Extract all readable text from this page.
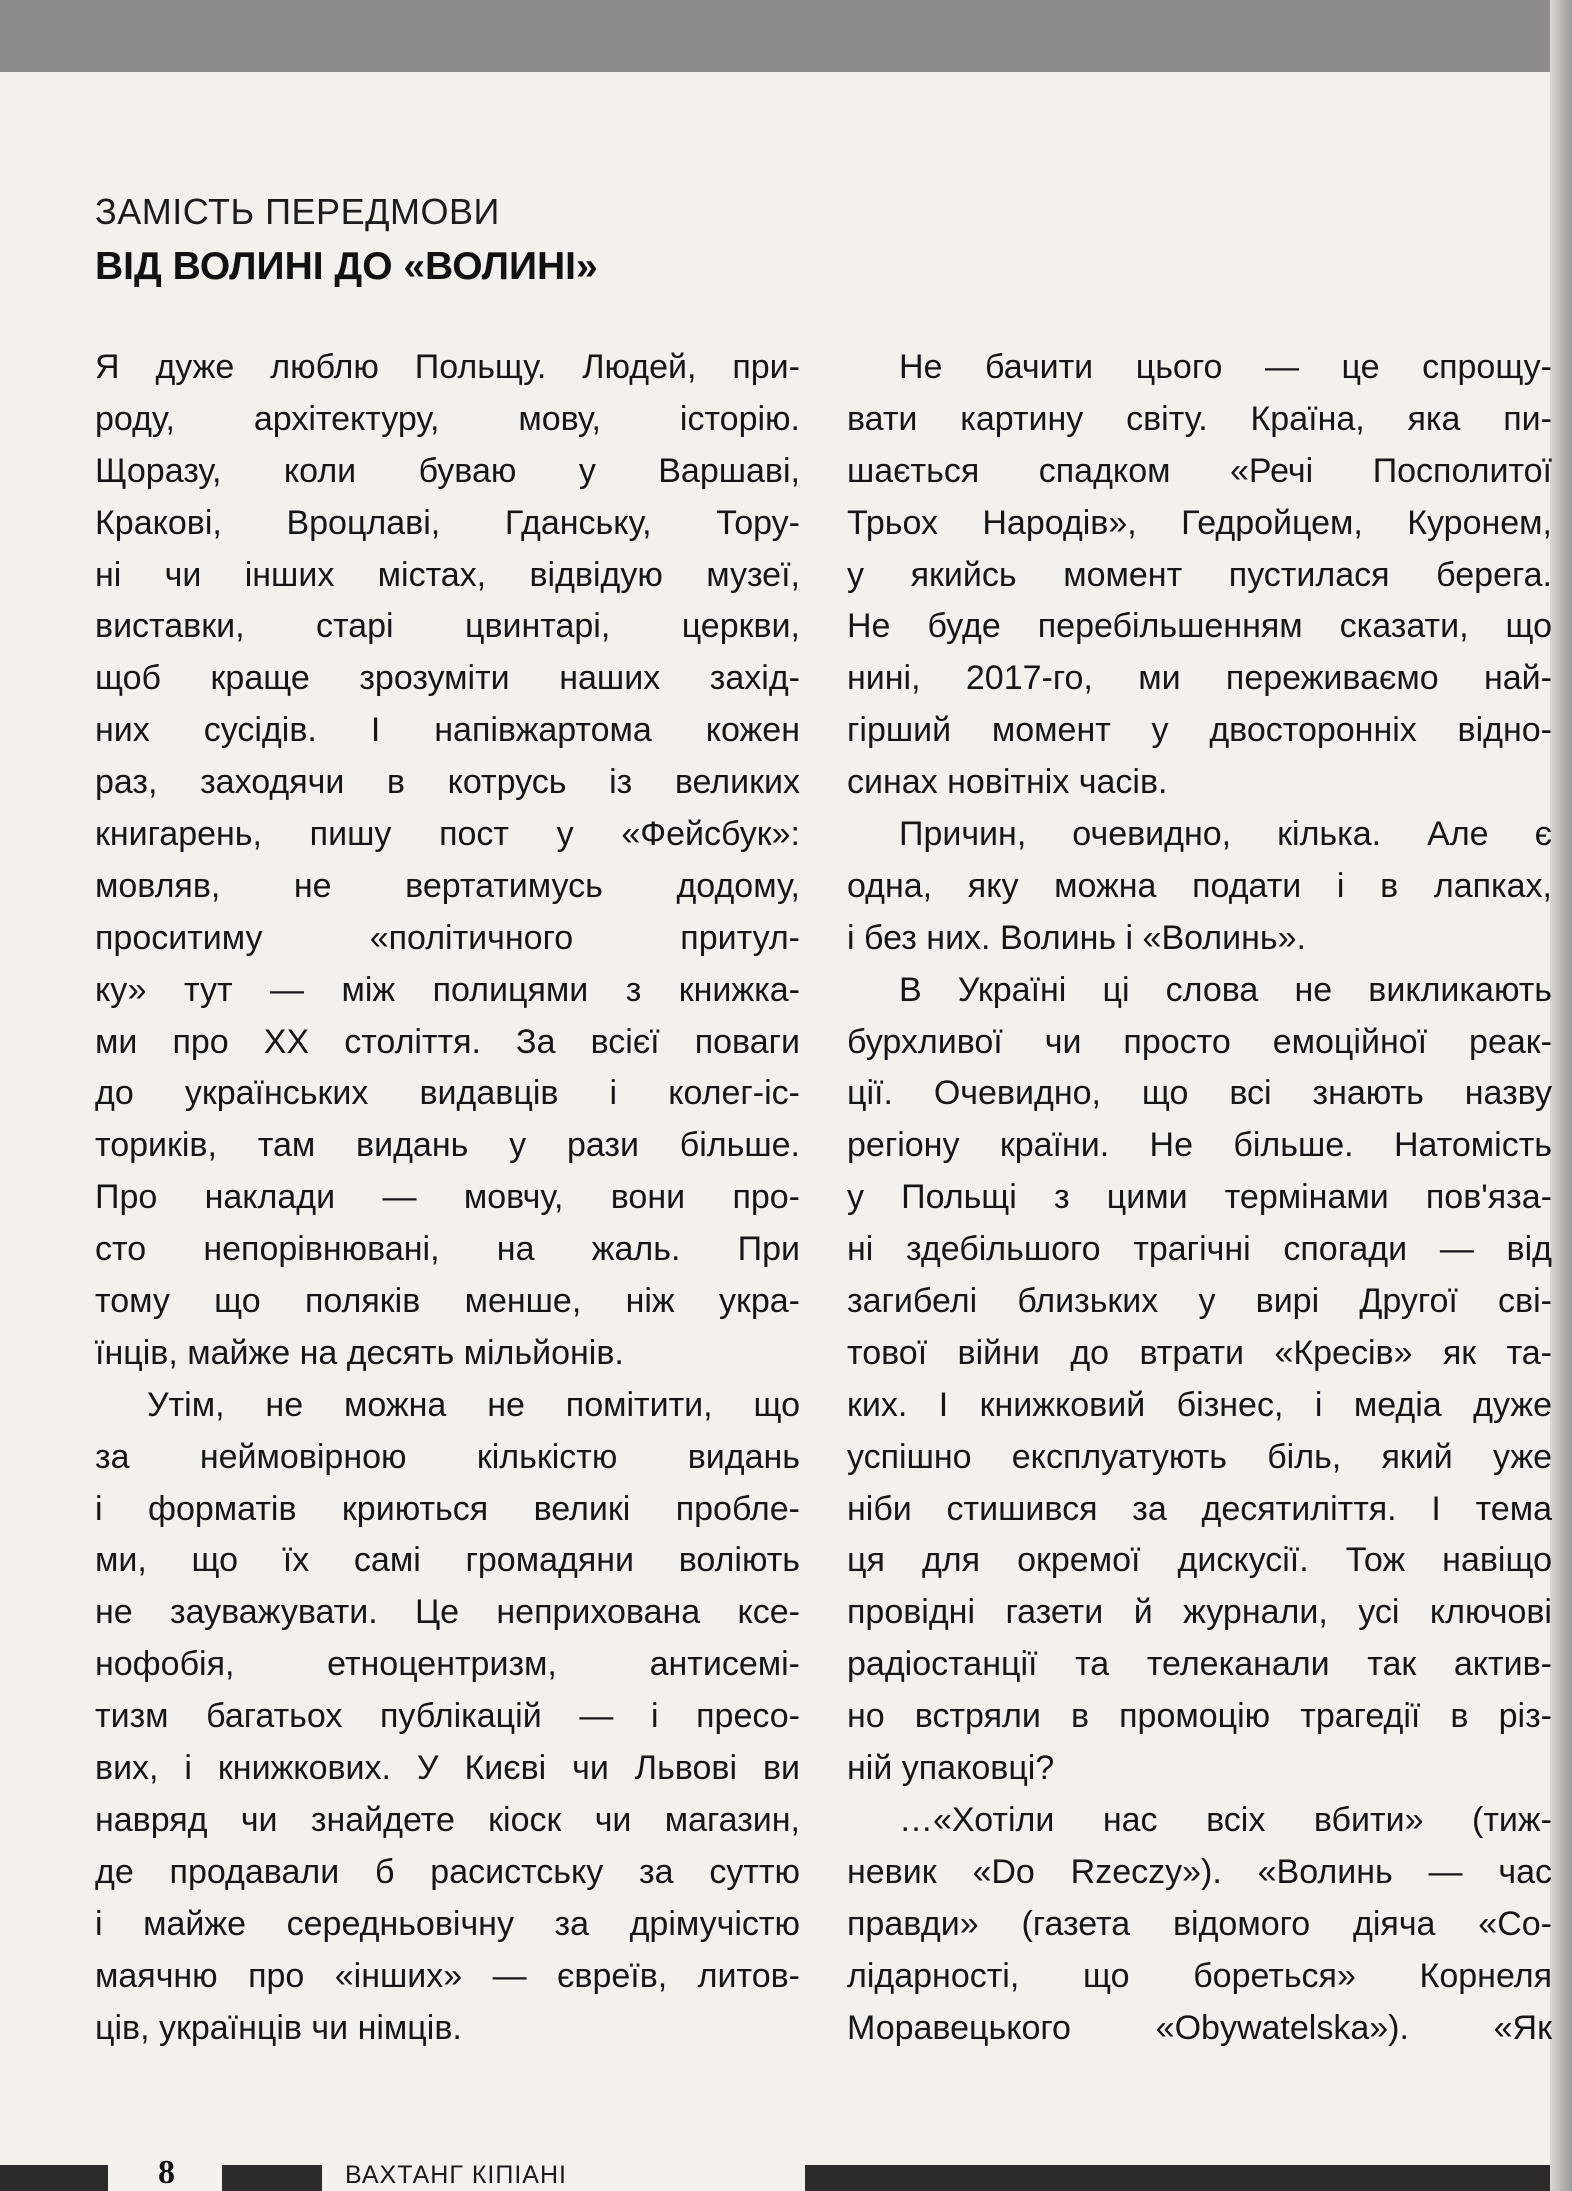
ЗАМІСТЬ ПЕРЕДМОВИ

ВІД ВОЛИНІ ДО «ВОЛИНІ»

Я дуже люблю Польщу. Людей, при-
роду, архітектуру, мову, історію.
Щоразу, коли буваю у Варшаві,
Кракові, Вроцлаві, Гданську, Тору-
ні чи інших містах, відвідую музеї,
виставки, старі цвинтарі, церкви,
щоб краще зрозуміти наших захід-
них сусідів. І напівжартома кожен
раз, заходячи в котрусь із великих
книгарень, пишу пост у «Фейсбук»:
мовляв, не вертатимусь додому,
проситиму «політичного притул-
ку» тут — між полицями з книжка-
ми про XX століття. За всієї поваги
до українських видавців і колег-іс-
ториків, там видань у рази більше.
Про наклади — мовчу, вони про-
сто непорівнювані, на жаль. При
тому що поляків менше, ніж укра-
їнців, майже на десять мільйонів.
Утім, не можна не помітити, що
за неймовірною кількістю видань
і форматів криються великі пробле-
ми, що їх самі громадяни воліють
не зауважувати. Це неприхована ксе-
нофобія, етноцентризм, антисемі-
тизм багатьох публікацій — і пресо-
вих, і книжкових. У Києві чи Львові ви
навряд чи знайдете кіоск чи магазин,
де продавали б расистську за суттю
і майже середньовічну за дрімучістю
маячню про «інших» — євреїв, литов-
ців, українців чи німців.
Не бачити цього — це спрощу-
вати картину світу. Країна, яка пи-
шається спадком «Речі Посполитої
Трьох Народів», Гедройцем, Куронем,
у якийсь момент пустилася берега.
Не буде перебільшенням сказати, що
нині, 2017-го, ми переживаємо най-
гірший момент у двосторонніх відно-
синах новітніх часів.
Причин, очевидно, кілька. Але є
одна, яку можна подати і в лапках,
і без них. Волинь і «Волинь».
В Україні ці слова не викликають
бурхливої чи просто емоційної реак-
ції. Очевидно, що всі знають назву
регіону країни. Не більше. Натомість
у Польщі з цими термінами пов'яза-
ні здебільшого трагічні спогади — від
загибелі близьких у вирі Другої сві-
тової війни до втрати «Кресів» як та-
ких. І книжковий бізнес, і медіа дуже
успішно експлуатують біль, який уже
ніби стишився за десятиліття. І тема
ця для окремої дискусії. Тож навіщо
провідні газети й журнали, усі ключові
радіостанції та телеканали так актив-
но встряли в промоцію трагедії в різ-
ній упаковці?
…«Хотіли нас всіх вбити» (тиж-
невик «Do Rzeczy»). «Волинь — час
правди» (газета відомого діяча «Со-
лідарності, що бореться» Корнеля
Моравецького «Obywatelska»). «Як
8	ВАХТАНГ КІПІАНІ
